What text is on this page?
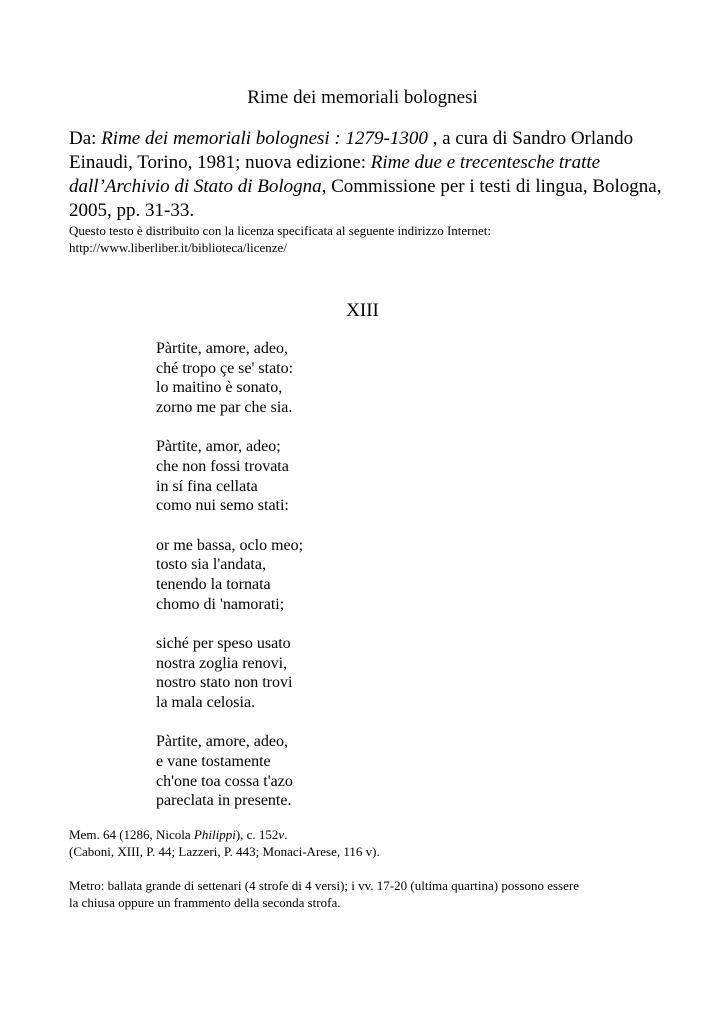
Rime dei memoriali bolognesi

Da: Rime dei memoriali bolognesi : 1279-1300 , a cura di Sandro Orlando Einaudi, Torino, 1981; nuova edizione: Rime due e trecentesche tratte dall’Archivio di Stato di Bologna, Commissione per i testi di lingua, Bologna, 2005, pp. 31-33.

Questo testo è distribuito con la licenza specificata al seguente indirizzo Internet:

http://www.liberliber.it/biblioteca/licenze/

XIII
Pàrtite, amore, adeo,
ché tropo çe se' stato:
lo maitino è sonato,
zorno me par che sia.
Pàrtite, amor, adeo;
che non fossi trovata
in sí fina cellata
como nui semo stati:
or me bassa, oclo meo;
tosto sia l'andata,
tenendo la tornata
chomo di 'namorati;
siché per speso usato
nostra zoglia renovi,
nostro stato non trovi
la mala celosia.
Pàrtite, amore, adeo,
e vane tostamente
ch'one toa cossa t'azo
pareclata in presente.

Mem. 64 (1286, Nicola Philippi), c. 152v.

(Caboni, XIII, P. 44; Lazzeri, P. 443; Monaci-Arese, 116 v).

Metro: ballata grande di settenari (4 strofe di 4 versi); i vv. 17-20 (ultima quartina) possono essere

la chiusa oppure un frammento della seconda strofa.
